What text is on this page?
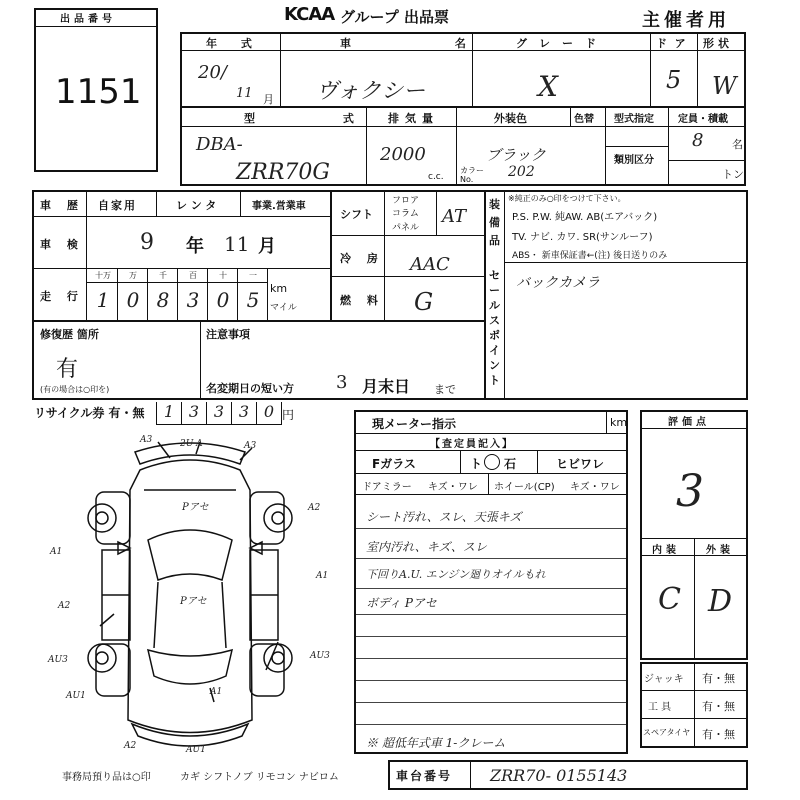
出品番号
1151
KCAA グループ 出品票	主催者用
年 式
20/
11 月
車 名
ヴォクシー
グレード
X
ドア
5
形状
W
型 式
DBA-
ZRR70G
排気量
2000
c.c.
外装色	色替
ブラック
カラーNo.	202
型式指定
類別区分
定員・積載
8	名
トン
車 歴 自家用	レンタ	事業.営業車
車 検	9 年 11 月
走 行
十万	万	千	百	十	一
1 0 8 3 0 5 km
マイル
シフト
フロア
コラム
パネル
AT
冷 房 AAC
燃 料 G
装備品
※純正のみ○印をつけて下さい。
P.S. P.W. 純AW. AB(エアバック)
TV. ナビ. カワ. SR(サンルーフ)
ABS・ 新車保証書←(注) 後日送りのみ
セールスポイント
バックカメラ
修復歴 箇所
有
(有の場合は○印を)
注意事項
名変期日の短い方 3 月末日 まで
リサイクル券 有・無	1 3 3 3 0 円
現メーター指示	km
【査定員記入】
Fガラス	ト 石	ヒビワレ
ドアミラー キズ・ワレ ホイール(CP) キズ・ワレ
シート汚れ、スレ、天張キズ
室内汚れ、キズ、スレ
下回りA.U. エンジン廻りオイルもれ
ボディ Pアセ
※ 超低年式車 1-クレーム
評価点
3
内装	外装
C D
ジャッキ 有・無
工 具	有・無
スペアタイヤ 有・無
A3	2U A	A3
A2
A1
A1
A2
AU3	AU3
AU1	A1
A2	AU1
Pアセ
Pアセ
事務局預り品は○印	カギ シフトノブ リモコン ナビロム	車台番号 ZRR70- 0155143
